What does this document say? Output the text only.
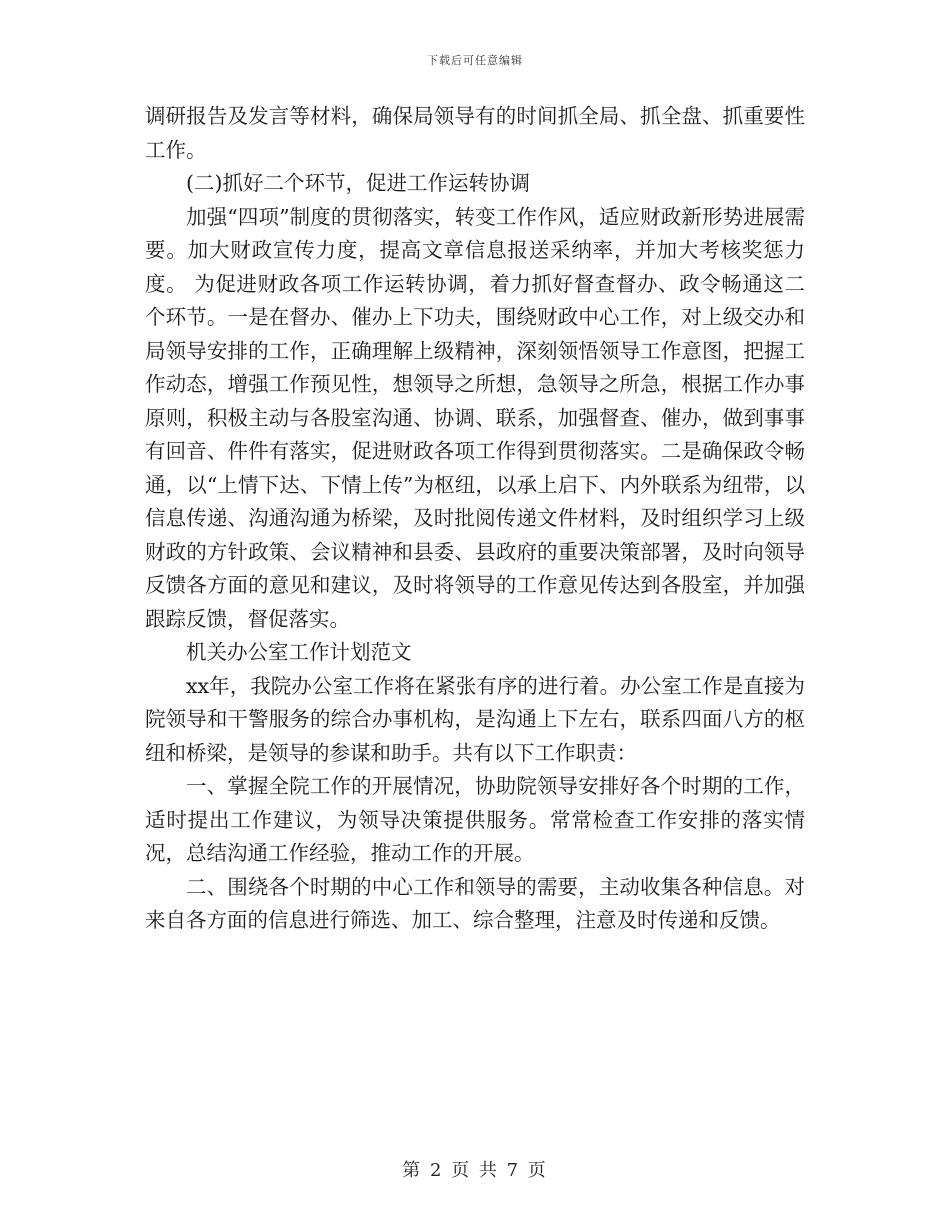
下载后可任意编辑

调研报告及发言等材料，确保局领导有的时间抓全局、抓全盘、抓重要性工作。

(二)抓好二个环节，促进工作运转协调

加强“四项”制度的贯彻落实，转变工作作风，适应财政新形势进展需要。加大财政宣传力度，提高文章信息报送采纳率，并加大考核奖惩力度。 为促进财政各项工作运转协调，着力抓好督查督办、政令畅通这二个环节。一是在督办、催办上下功夫，围绕财政中心工作，对上级交办和局领导安排的工作，正确理解上级精神，深刻领悟领导工作意图，把握工作动态，增强工作预见性，想领导之所想，急领导之所急，根据工作办事原则，积极主动与各股室沟通、协调、联系，加强督查、催办，做到事事有回音、件件有落实，促进财政各项工作得到贯彻落实。二是确保政令畅通，以“上情下达、下情上传”为枢纽，以承上启下、内外联系为纽带，以信息传递、沟通沟通为桥梁，及时批阅传递文件材料，及时组织学习上级财政的方针政策、会议精神和县委、县政府的重要决策部署，及时向领导反馈各方面的意见和建议，及时将领导的工作意见传达到各股室，并加强跟踪反馈，督促落实。

机关办公室工作计划范文

xx年，我院办公室工作将在紧张有序的进行着。办公室工作是直接为院领导和干警服务的综合办事机构，是沟通上下左右，联系四面八方的枢纽和桥梁，是领导的参谋和助手。共有以下工作职责：

一、掌握全院工作的开展情况，协助院领导安排好各个时期的工作，适时提出工作建议，为领导决策提供服务。常常检查工作安排的落实情况，总结沟通工作经验，推动工作的开展。

二、围绕各个时期的中心工作和领导的需要，主动收集各种信息。对来自各方面的信息进行筛选、加工、综合整理，注意及时传递和反馈。

第 2 页 共 7 页
